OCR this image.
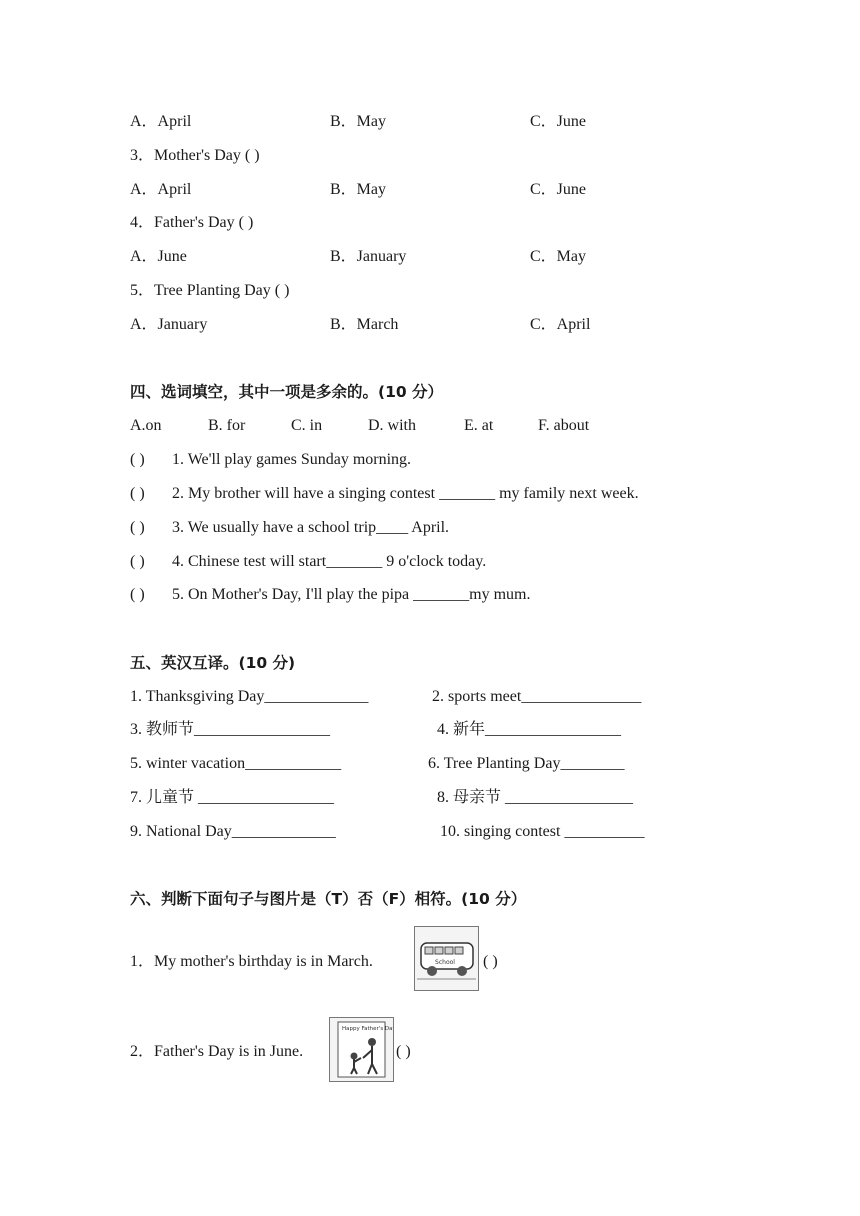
A．April	B．May	C．June
3．Mother's Day ( )
A．April	B．May	C．June
4．Father's Day ( )
A．June	B．January	C．May
5．Tree Planting Day ( )
A．January	B．March	C．April
四、选词填空，其中一项是多余的。(10 分）
A.on	B. for	C. in	D. with	E. at	F. about
( ) 1. We'll play games Sunday morning.
( ) 2. My brother will have a singing contest _______ my family next week.
( ) 3. We usually have a school trip____ April.
( ) 4. Chinese test will start_______ 9 o'clock today.
( ) 5. On Mother's Day, I'll play the pipa _______my mum.
五、英汉互译。(10 分)
1. Thanksgiving Day_____________	2. sports meet_______________
3. 教师节_________________	4. 新年_________________
5. winter vacation____________	6. Tree Planting Day________
7. 儿童节 _________________	8. 母亲节 ________________
9. National Day_____________	10. singing contest __________
六、判断下面句子与图片是（T）否（F）相符。(10 分）
1．My mother's birthday is in March.	School ( )
2．Father's Day is in June.
Happy Father's Day
( )
